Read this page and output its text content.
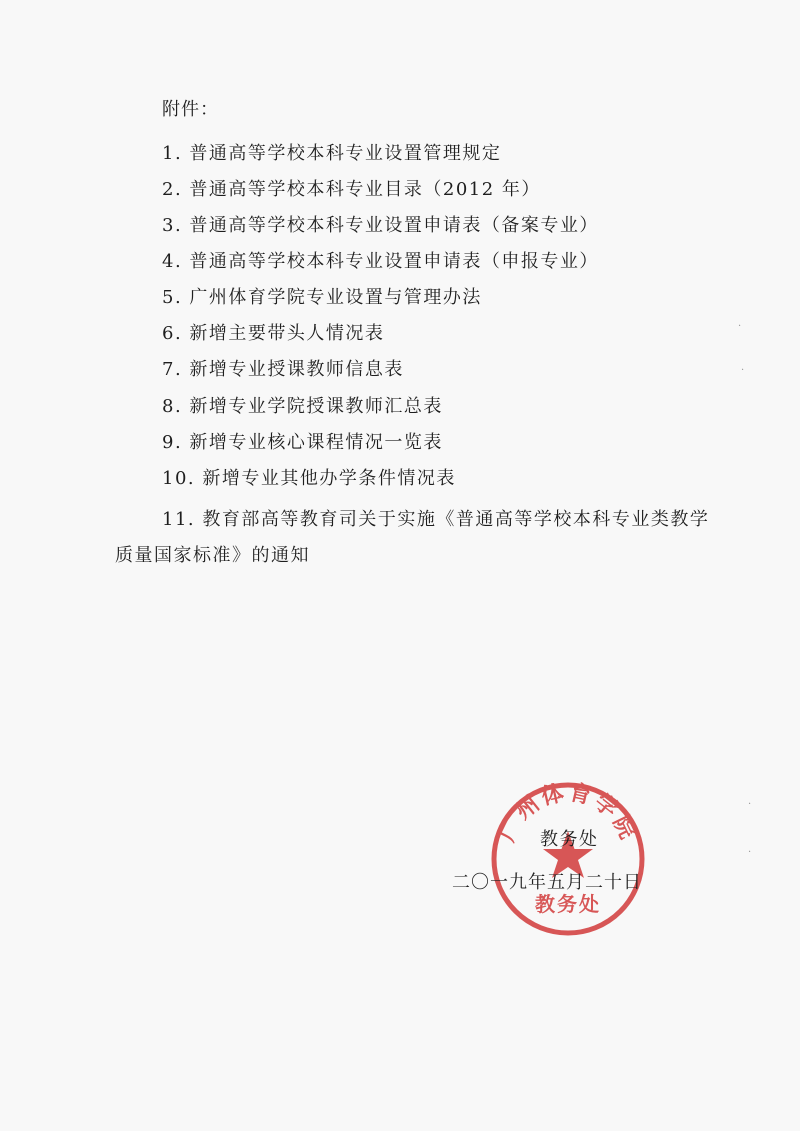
附件：
1. 普通高等学校本科专业设置管理规定
2. 普通高等学校本科专业目录（2012 年）
3. 普通高等学校本科专业设置申请表（备案专业）
4. 普通高等学校本科专业设置申请表（申报专业）
5. 广州体育学院专业设置与管理办法
6. 新增主要带头人情况表
7. 新增专业授课教师信息表
8. 新增专业学院授课教师汇总表
9. 新增专业核心课程情况一览表
10. 新增专业其他办学条件情况表
11. 教育部高等教育司关于实施《普通高等学校本科专业类教学
质量国家标准》的通知
广州体育学院
教务处
教务处
二〇一九年五月二十日
·
·
·
·
